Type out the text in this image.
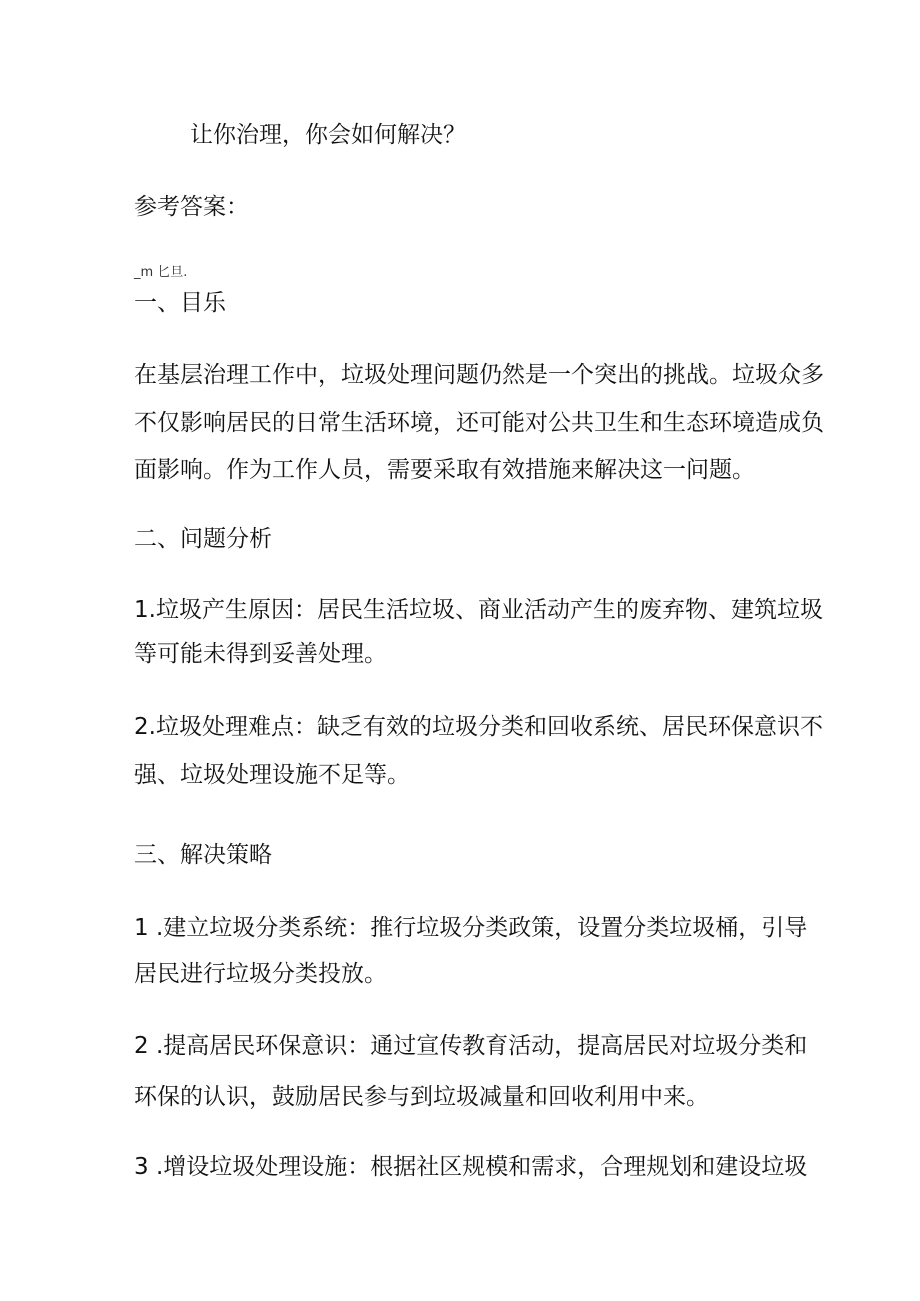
让你治理，你会如何解决？
参考答案：
_m 匕旦.
一、目乐
在基层治理工作中，垃圾处理问题仍然是一个突出的挑战。垃圾众多
不仅影响居民的日常生活环境，还可能对公共卫生和生态环境造成负
面影响。作为工作人员，需要采取有效措施来解决这一问题。
二、问题分析
1.垃圾产生原因：居民生活垃圾、商业活动产生的废弃物、建筑垃圾
等可能未得到妥善处理。
2.垃圾处理难点：缺乏有效的垃圾分类和回收系统、居民环保意识不
强、垃圾处理设施不足等。
三、解决策略
1 .建立垃圾分类系统：推行垃圾分类政策，设置分类垃圾桶，引导
居民进行垃圾分类投放。
2 .提高居民环保意识：通过宣传教育活动，提高居民对垃圾分类和
环保的认识，鼓励居民参与到垃圾减量和回收利用中来。
3 .增设垃圾处理设施：根据社区规模和需求，合理规划和建设垃圾
